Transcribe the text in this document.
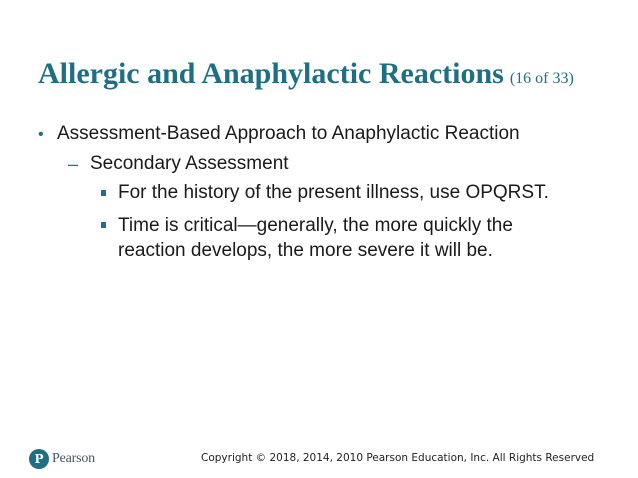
Allergic and Anaphylactic Reactions (16 of 33)
• Assessment-Based Approach to Anaphylactic Reaction
– Secondary Assessment
For the history of the present illness, use OPQRST.
Time is critical—generally, the more quickly the
reaction develops, the more severe it will be.
P Pearson	Copyright © 2018, 2014, 2010 Pearson Education, Inc. All Rights Reserved
